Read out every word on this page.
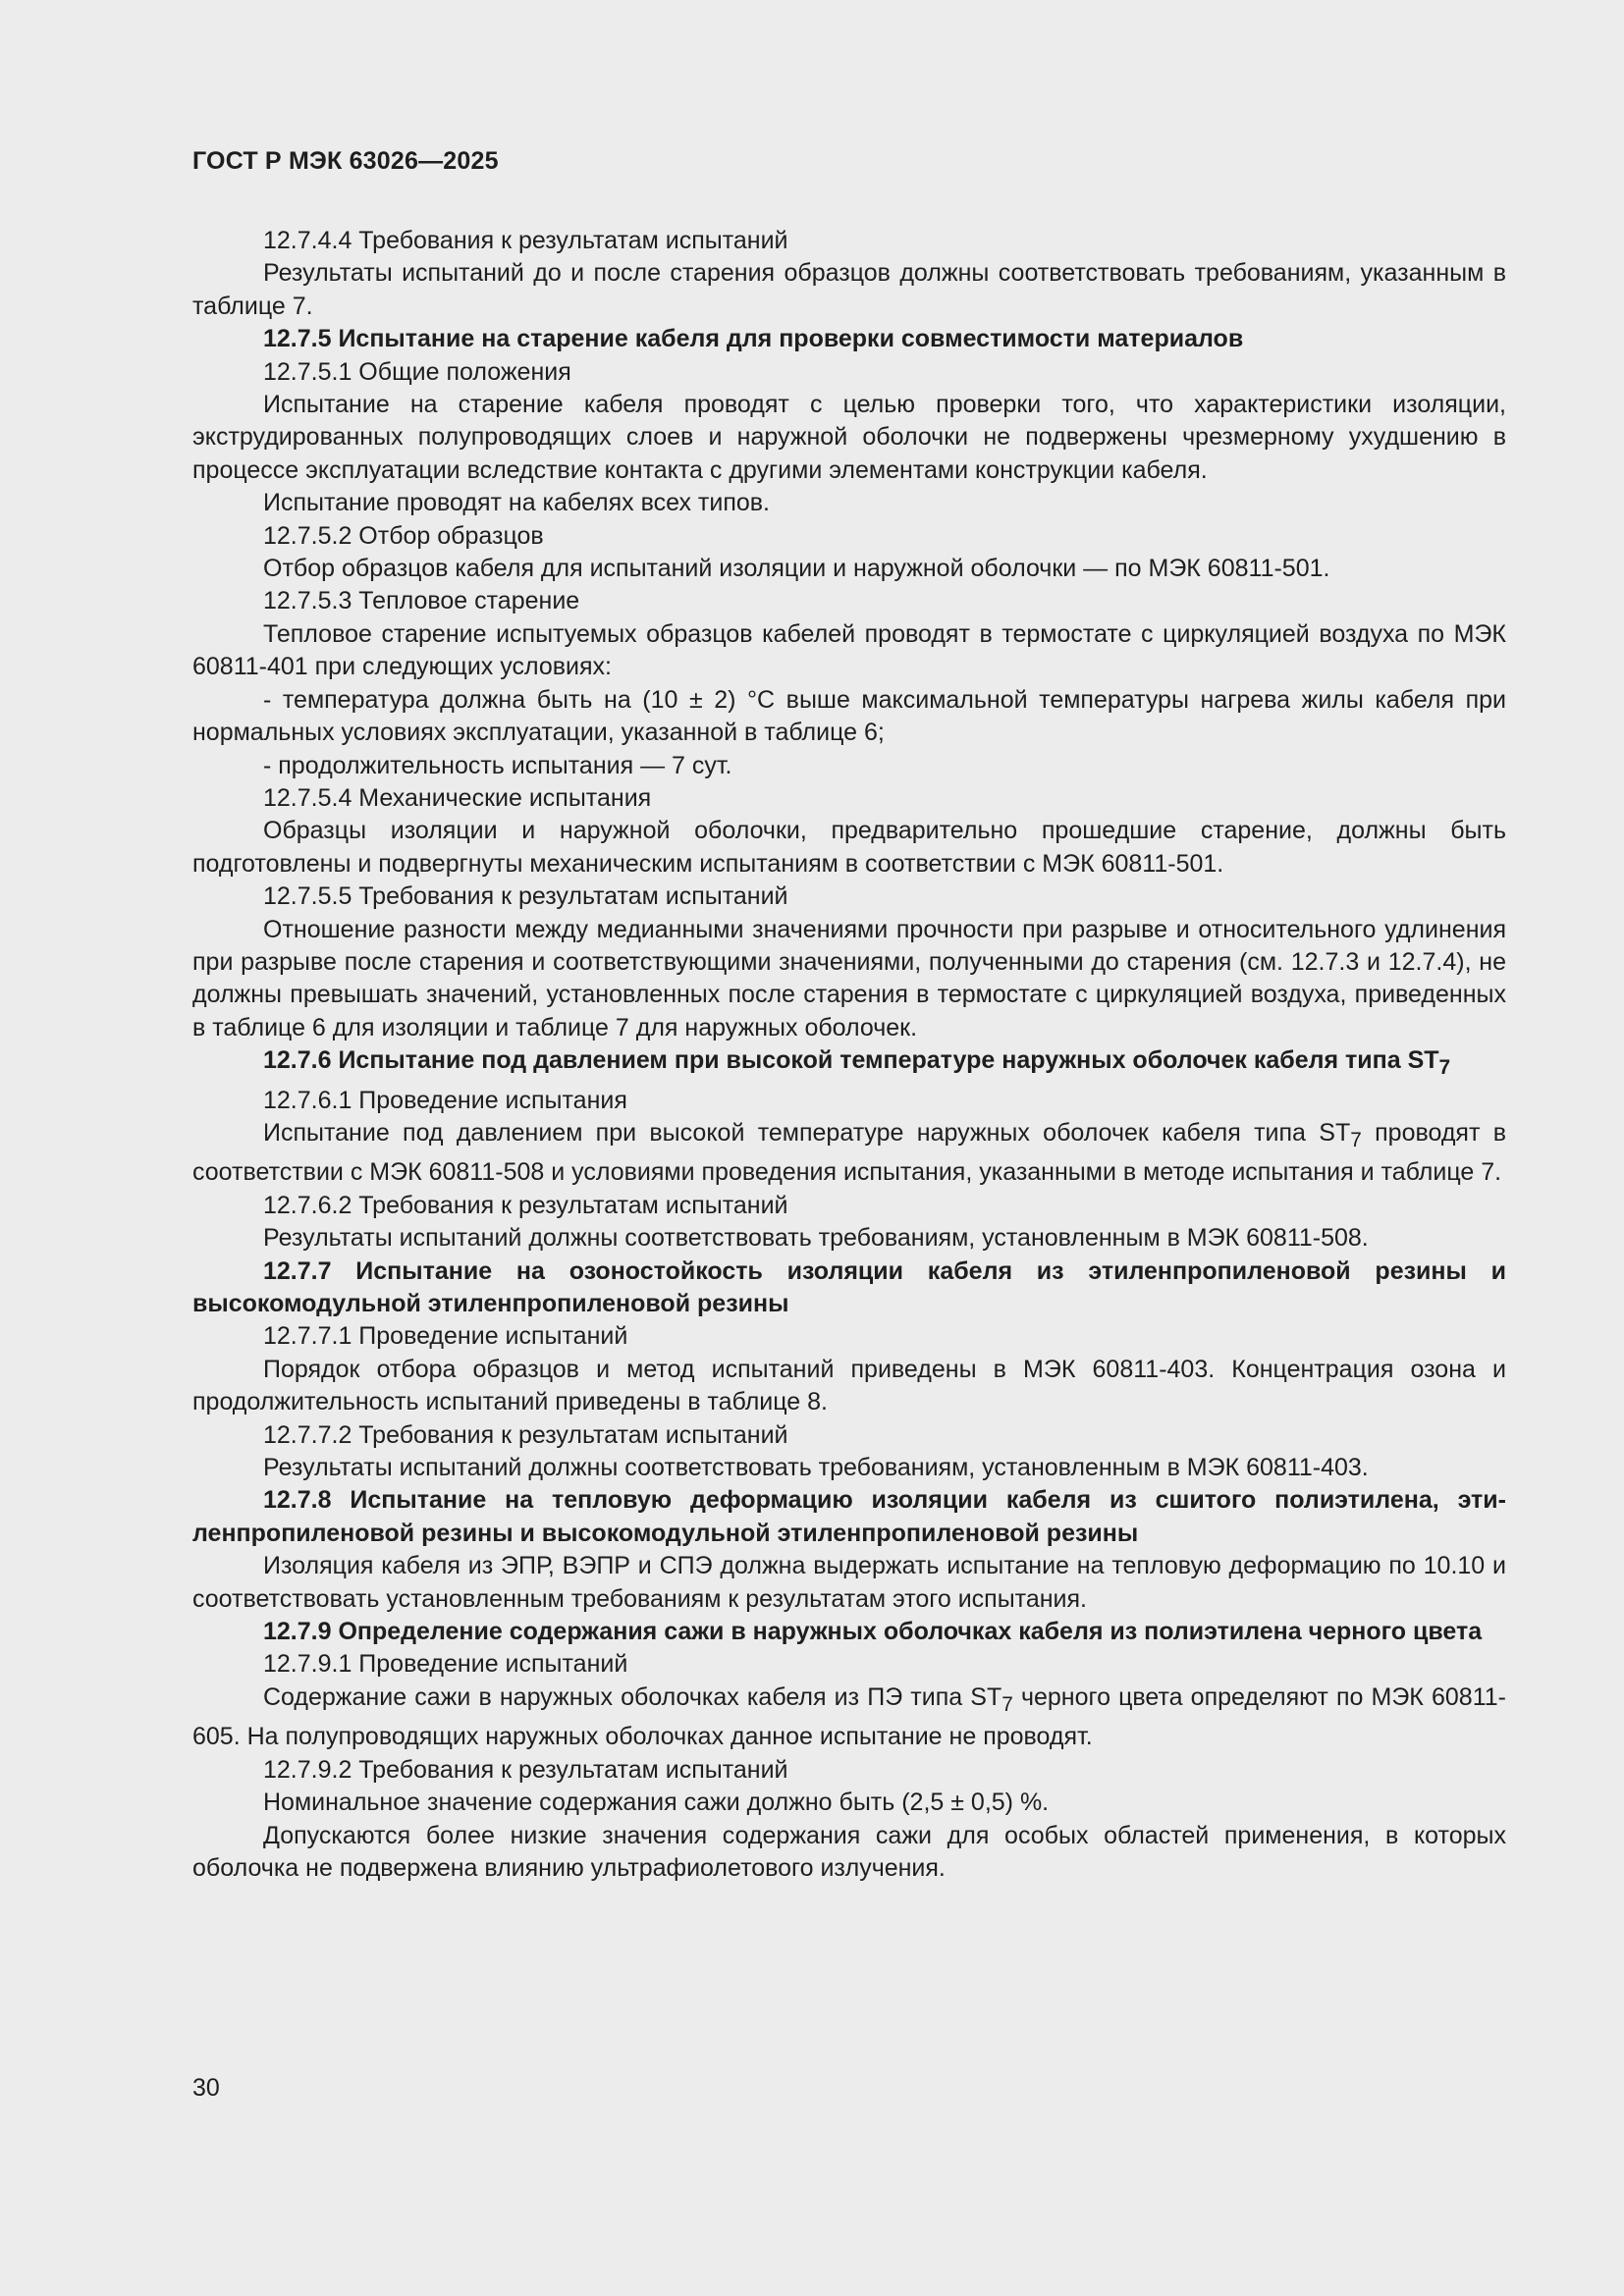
ГОСТ Р МЭК 63026—2025

12.7.4.4 Требования к результатам испытаний

Результаты испытаний до и после старения образцов должны соответствовать требованиям, указанным в таблице 7.

12.7.5 Испытание на старение кабеля для проверки совместимости материалов

12.7.5.1 Общие положения

Испытание на старение кабеля проводят с целью проверки того, что характеристики изоляции, экструдированных полупроводящих слоев и наружной оболочки не подвержены чрезмерному ухудшению в процессе эксплуатации вследствие контакта с другими элементами конструкции кабеля.

Испытание проводят на кабелях всех типов.

12.7.5.2 Отбор образцов

Отбор образцов кабеля для испытаний изоляции и наружной оболочки — по МЭК 60811-501.

12.7.5.3 Тепловое старение

Тепловое старение испытуемых образцов кабелей проводят в термостате с циркуляцией воздуха по МЭК 60811-401 при следующих условиях:

- температура должна быть на (10 ± 2) °С выше максимальной температуры нагрева жилы кабеля при нормальных условиях эксплуатации, указанной в таблице 6;

- продолжительность испытания — 7 сут.

12.7.5.4 Механические испытания

Образцы изоляции и наружной оболочки, предварительно прошедшие старение, должны быть подготовлены и подвергнуты механическим испытаниям в соответствии с МЭК 60811-501.

12.7.5.5 Требования к результатам испытаний

Отношение разности между медианными значениями прочности при разрыве и относительного удлинения при разрыве после старения и соответствующими значениями, полученными до старения (см. 12.7.3 и 12.7.4), не должны превышать значений, установленных после старения в термостате с циркуляцией воздуха, приведенных в таблице 6 для изоляции и таблице 7 для наружных оболочек.

12.7.6 Испытание под давлением при высокой температуре наружных оболочек кабеля типа $ST_7$

12.7.6.1 Проведение испытания

Испытание под давлением при высокой температуре наружных оболочек кабеля типа $ST_7$ проводят в соответствии с МЭК 60811-508 и условиями проведения испытания, указанными в методе испытания и таблице 7.

12.7.6.2 Требования к результатам испытаний

Результаты испытаний должны соответствовать требованиям, установленным в МЭК 60811-508.

12.7.7 Испытание на озоностойкость изоляции кабеля из этиленпропиленовой резины и высокомодульной этиленпропиленовой резины

12.7.7.1 Проведение испытаний

Порядок отбора образцов и метод испытаний приведены в МЭК 60811-403. Концентрация озона и продолжительность испытаний приведены в таблице 8.

12.7.7.2 Требования к результатам испытаний

Результаты испытаний должны соответствовать требованиям, установленным в МЭК 60811-403.

12.7.8 Испытание на тепловую деформацию изоляции кабеля из сшитого полиэтилена, этиленпропиленовой резины и высокомодульной этиленпропиленовой резины

Изоляция кабеля из ЭПР, ВЭПР и СПЭ должна выдержать испытание на тепловую деформацию по 10.10 и соответствовать установленным требованиям к результатам этого испытания.

12.7.9 Определение содержания сажи в наружных оболочках кабеля из полиэтилена черного цвета

12.7.9.1 Проведение испытаний

Содержание сажи в наружных оболочках кабеля из ПЭ типа $ST_7$ черного цвета определяют по МЭК 60811-605. На полупроводящих наружных оболочках данное испытание не проводят.

12.7.9.2 Требования к результатам испытаний

Номинальное значение содержания сажи должно быть (2,5 ± 0,5) %.

Допускаются более низкие значения содержания сажи для особых областей применения, в которых оболочка не подвержена влиянию ультрафиолетового излучения.

30
